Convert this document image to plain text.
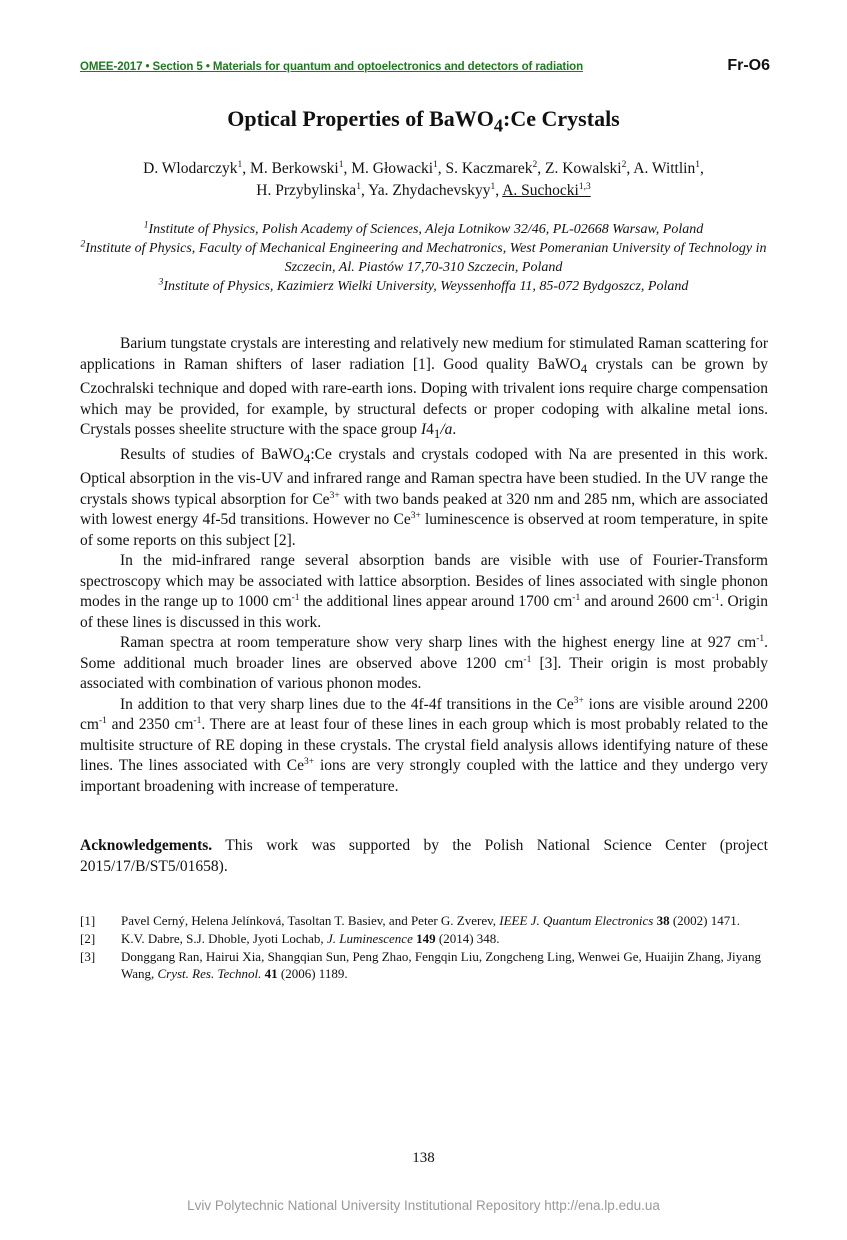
OMEE-2017 • Section 5 • Materials for quantum and optoelectronics and detectors of radiation	Fr-O6
Optical Properties of BaWO$_4$:Ce Crystals
D. Wlodarczyk$^1$, M. Berkowski$^1$, M. Głowacki$^1$, S. Kaczmarek$^2$, Z. Kowalski$^2$, A. Wittlin$^1$,
H. Przybylinska$^1$, Ya. Zhydachevskyy$^1$, A. Suchocki$^{1,3}$
$^1$Institute of Physics, Polish Academy of Sciences, Aleja Lotnikow 32/46, PL-02668 Warsaw, Poland
$^2$Institute of Physics, Faculty of Mechanical Engineering and Mechatronics, West Pomeranian University of Technology in Szczecin, Al. Piastów 17,70-310 Szczecin, Poland
$^3$Institute of Physics, Kazimierz Wielki University, Weyssenhoffa 11, 85-072 Bydgoszcz, Poland

Barium tungstate crystals are interesting and relatively new medium for stimulated Raman scattering for applications in Raman shifters of laser radiation [1]. Good quality BaWO$_4$ crystals can be grown by Czochralski technique and doped with rare-earth ions. Doping with trivalent ions require charge compensation which may be provided, for example, by structural defects or proper codoping with alkaline metal ions. Crystals posses sheelite structure with the space group $I4_1/a$.

Results of studies of BaWO$_4$:Ce crystals and crystals codoped with Na are presented in this work. Optical absorption in the vis-UV and infrared range and Raman spectra have been studied. In the UV range the crystals shows typical absorption for $Ce^{3+}$ with two bands peaked at 320 nm and 285 nm, which are associated with lowest energy 4f-5d transitions. However no $Ce^{3+}$ luminescence is observed at room temperature, in spite of some reports on this subject [2].

In the mid-infrared range several absorption bands are visible with use of Fourier-Transform spectroscopy which may be associated with lattice absorption. Besides of lines associated with single phonon modes in the range up to 1000 $cm^{-1}$ the additional lines appear around 1700 $cm^{-1}$ and around 2600 $cm^{-1}$. Origin of these lines is discussed in this work.

Raman spectra at room temperature show very sharp lines with the highest energy line at 927 $cm^{-1}$. Some additional much broader lines are observed above 1200 $cm^{-1}$ [3]. Their origin is most probably associated with combination of various phonon modes.

In addition to that very sharp lines due to the 4f-4f transitions in the $Ce^{3+}$ ions are visible around 2200 $cm^{-1}$ and 2350 $cm^{-1}$. There are at least four of these lines in each group which is most probably related to the multisite structure of RE doping in these crystals. The crystal field analysis allows identifying nature of these lines. The lines associated with $Ce^{3+}$ ions are very strongly coupled with the lattice and they undergo very important broadening with increase of temperature.

Acknowledgements. This work was supported by the Polish National Science Center (project 2015/17/B/ST5/01658).
[1] Pavel Cerný, Helena Jelínková, Tasoltan T. Basiev, and Peter G. Zverev, IEEE J. Quantum Electronics 38 (2002) 1471.
[2] K.V. Dabre, S.J. Dhoble, Jyoti Lochab, J. Luminescence 149 (2014) 348.
[3] Donggang Ran, Hairui Xia, Shangqian Sun, Peng Zhao, Fengqin Liu, Zongcheng Ling, Wenwei Ge, Huaijin Zhang, Jiyang Wang, Cryst. Res. Technol. 41 (2006) 1189.
138
Lviv Polytechnic National University Institutional Repository http://ena.lp.edu.ua
